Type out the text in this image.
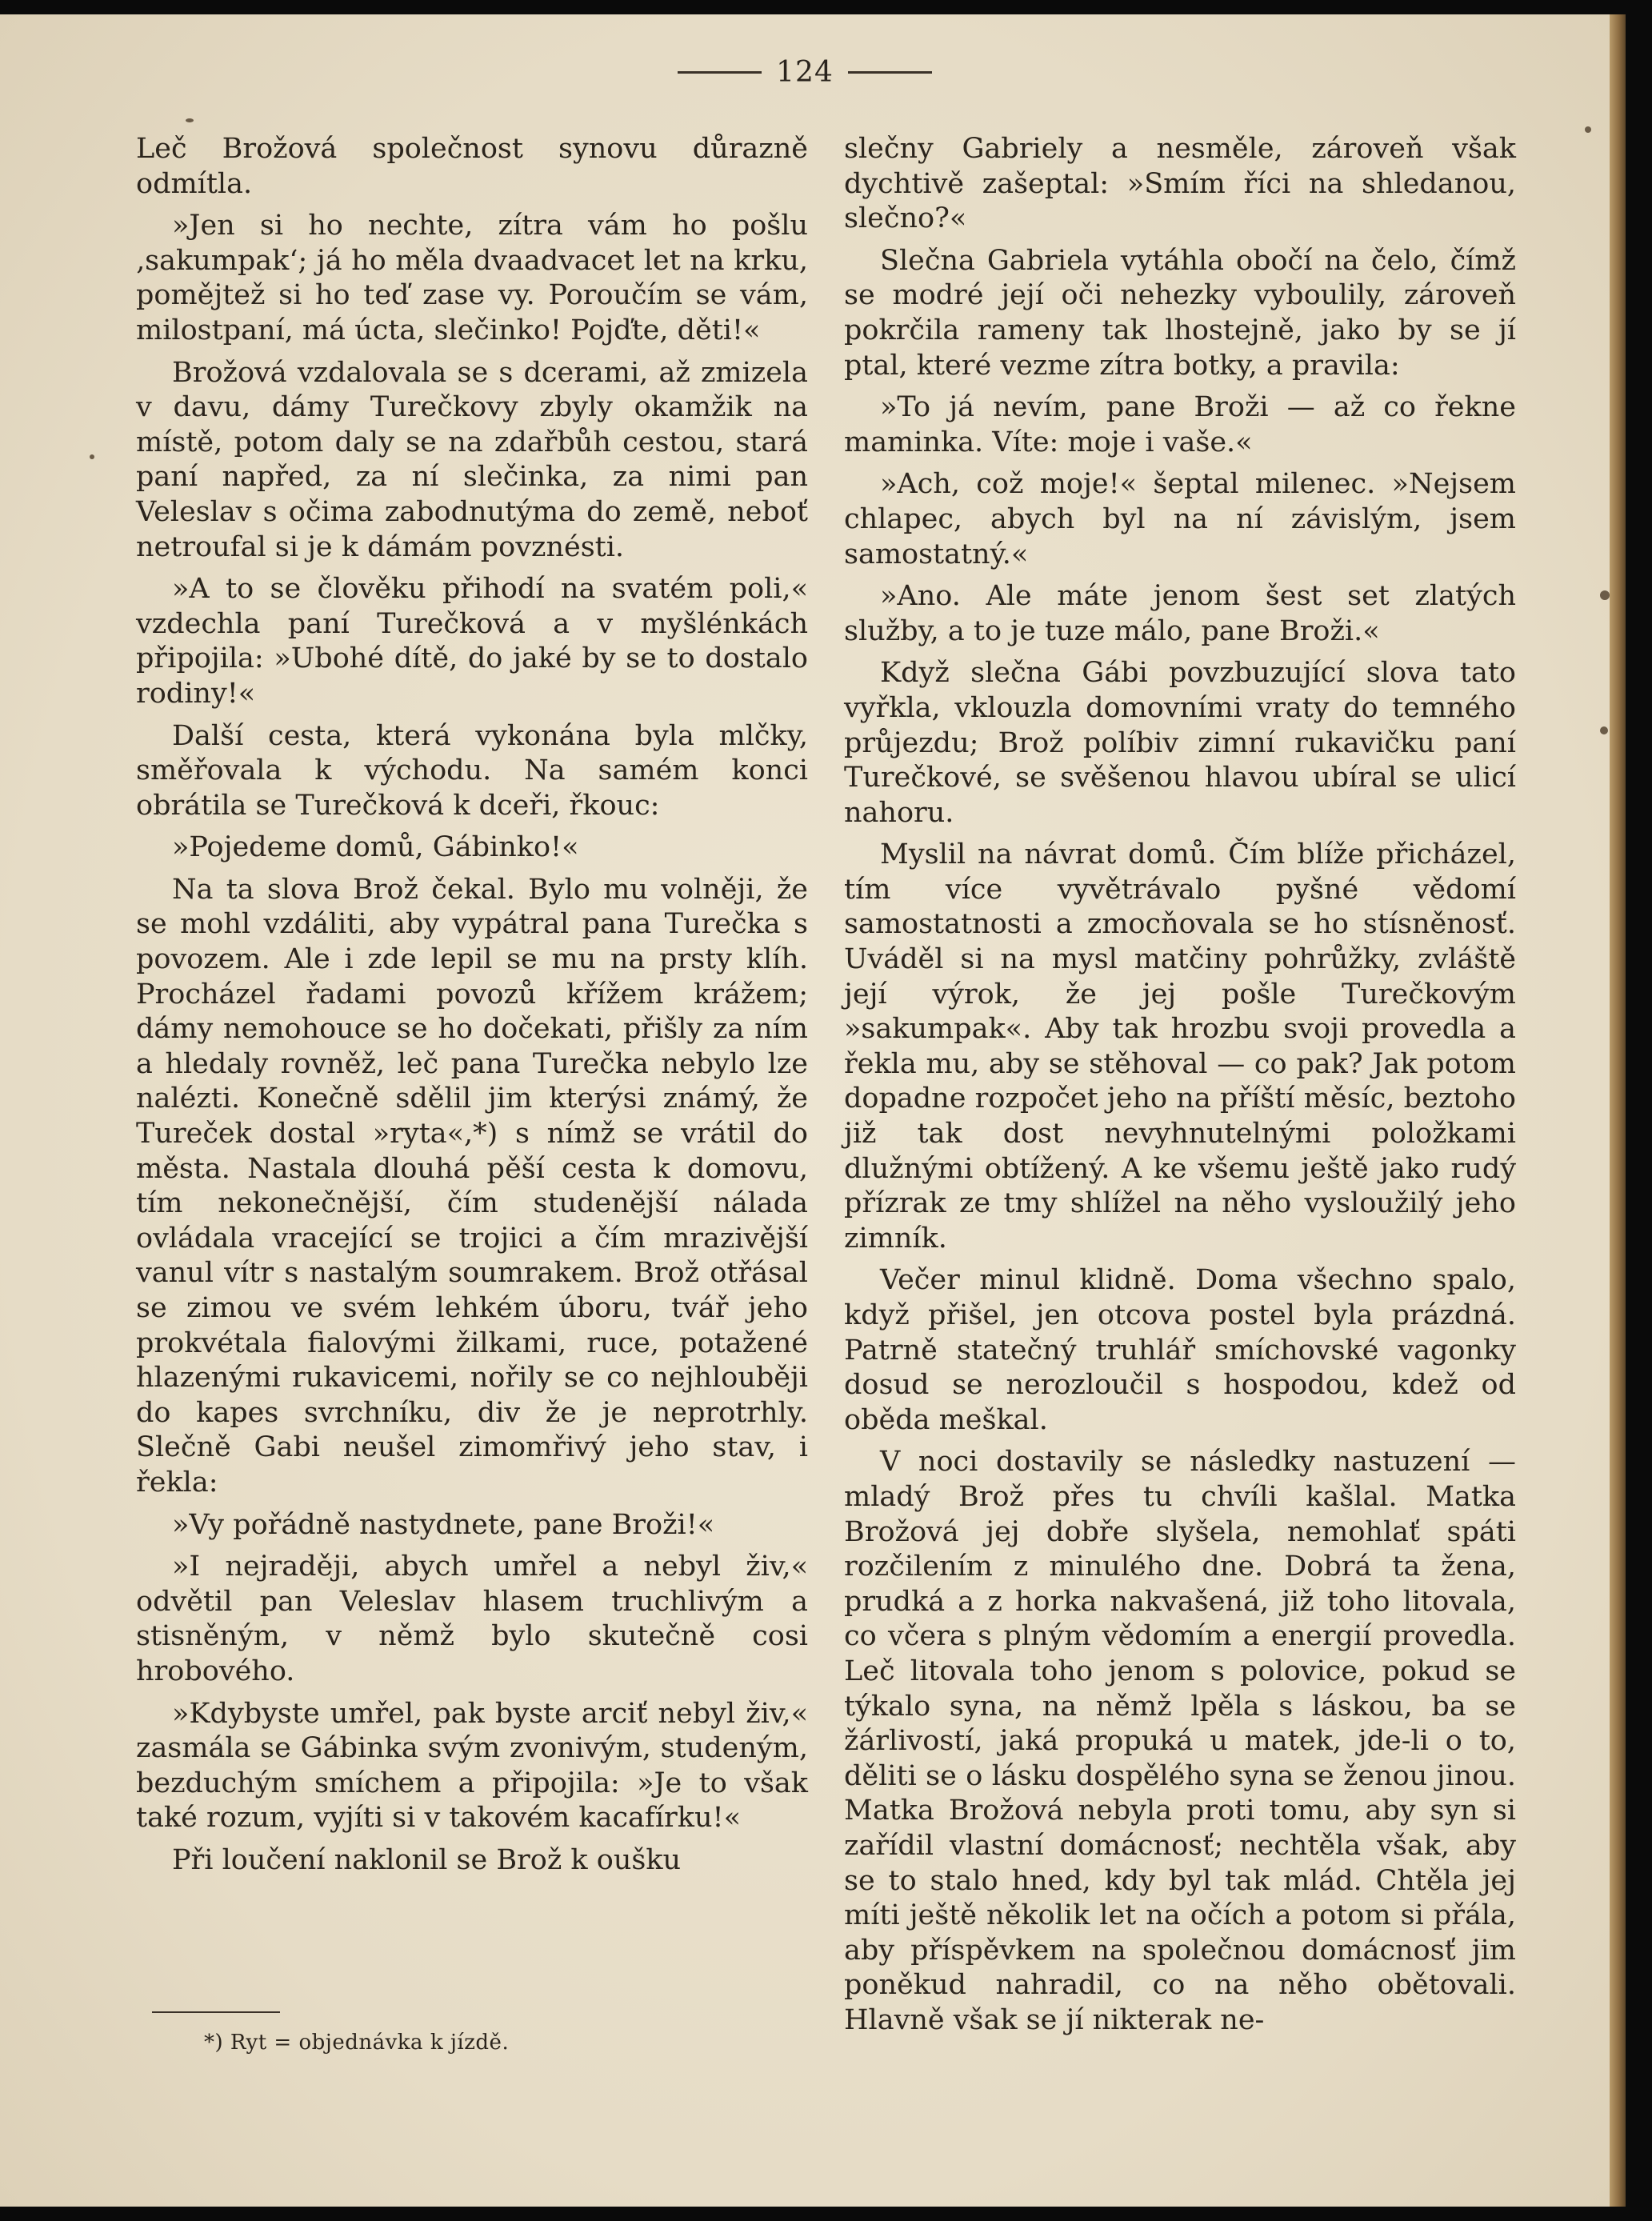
124

Leč Brožová společnost synovu důrazně odmítla.

»Jen si ho nechte, zítra vám ho pošlu ‚sakumpak‘; já ho měla dvaadvacet let na krku, pomějtež si ho teď zase vy. Poroučím se vám, milostpaní, má úcta, slečinko! Pojďte, děti!«

Brožová vzdalovala se s dcerami, až zmizela v davu, dámy Turečkovy zbyly okamžik na místě, potom daly se na zdařbůh cestou, stará paní napřed, za ní slečinka, za nimi pan Veleslav s očima zabodnutýma do země, neboť netroufal si je k dámám povznésti.

»A to se člověku přihodí na svatém poli,« vzdechla paní Turečková a v myšlénkách připojila: »Ubohé dítě, do jaké by se to dostalo rodiny!«

Další cesta, která vykonána byla mlčky, směřovala k východu. Na samém konci obrátila se Turečková k dceři, řkouc:

»Pojedeme domů, Gábinko!«

Na ta slova Brož čekal. Bylo mu volněji, že se mohl vzdáliti, aby vypátral pana Turečka s povozem. Ale i zde lepil se mu na prsty klíh. Procházel řadami povozů křížem krážem; dámy nemohouce se ho dočekati, přišly za ním a hledaly rovněž, leč pana Turečka nebylo lze nalézti. Konečně sdělil jim kterýsi známý, že Tureček dostal »ryta«,*) s nímž se vrátil do města. Nastala dlouhá pěší cesta k domovu, tím nekonečnější, čím studenější nálada ovládala vracející se trojici a čím mrazivější vanul vítr s nastalým soumrakem. Brož otřásal se zimou ve svém lehkém úboru, tvář jeho prokvétala fialovými žilkami, ruce, potažené hlazenými rukavicemi, nořily se co nejhlouběji do kapes svrchníku, div že je neprotrhly. Slečně Gabi neušel zimomřivý jeho stav, i řekla:

»Vy pořádně nastydnete, pane Broži!«

»I nejraději, abych umřel a nebyl živ,« odvětil pan Veleslav hlasem truchlivým a stisněným, v němž bylo skutečně cosi hrobového.

»Kdybyste umřel, pak byste arciť nebyl živ,« zasmála se Gábinka svým zvonivým, studeným, bezduchým smíchem a připojila: »Je to však také rozum, vyjíti si v takovém kacafírku!«

Při loučení naklonil se Brož k oušku

slečny Gabriely a nesměle, zároveň však dychtivě zašeptal: »Smím říci na shledanou, slečno?«

Slečna Gabriela vytáhla obočí na čelo, čímž se modré její oči nehezky vyboulily, zároveň pokrčila rameny tak lhostejně, jako by se jí ptal, které vezme zítra botky, a pravila:

»To já nevím, pane Broži — až co řekne maminka. Víte: moje i vaše.«

»Ach, což moje!« šeptal milenec. »Nejsem chlapec, abych byl na ní závislým, jsem samostatný.«

»Ano. Ale máte jenom šest set zlatých služby, a to je tuze málo, pane Broži.«

Když slečna Gábi povzbuzující slova tato vyřkla, vklouzla domovními vraty do temného průjezdu; Brož políbiv zimní rukavičku paní Turečkové, se svěšenou hlavou ubíral se ulicí nahoru.

Myslil na návrat domů. Čím blíže přicházel, tím více vyvětrávalo pyšné vědomí samostatnosti a zmocňovala se ho stísněnosť. Uváděl si na mysl matčiny pohrůžky, zvláště její výrok, že jej pošle Turečkovým »sakumpak«. Aby tak hrozbu svoji provedla a řekla mu, aby se stěhoval — co pak? Jak potom dopadne rozpočet jeho na příští měsíc, beztoho již tak dost nevyhnutelnými položkami dlužnými obtížený. A ke všemu ještě jako rudý přízrak ze tmy shlížel na něho vysloužilý jeho zimník.

Večer minul klidně. Doma všechno spalo, když přišel, jen otcova postel byla prázdná. Patrně statečný truhlář smíchovské vagonky dosud se nerozloučil s hospodou, kdež od oběda meškal.

V noci dostavily se následky nastuzení — mladý Brož přes tu chvíli kašlal. Matka Brožová jej dobře slyšela, nemohlať spáti rozčilením z minulého dne. Dobrá ta žena, prudká a z horka nakvašená, již toho litovala, co včera s plným vědomím a energií provedla. Leč litovala toho jenom s polovice, pokud se týkalo syna, na němž lpěla s láskou, ba se žárlivostí, jaká propuká u matek, jde-li o to, děliti se o lásku dospělého syna se ženou jinou. Matka Brožová nebyla proti tomu, aby syn si zařídil vlastní domácnosť; nechtěla však, aby se to stalo hned, kdy byl tak mlád. Chtěla jej míti ještě několik let na očích a potom si přála, aby příspěvkem na společnou domácnosť jim poněkud nahradil, co na něho obětovali. Hlavně však se jí nikterak ne-

*) Ryt = objednávka k jízdě.
